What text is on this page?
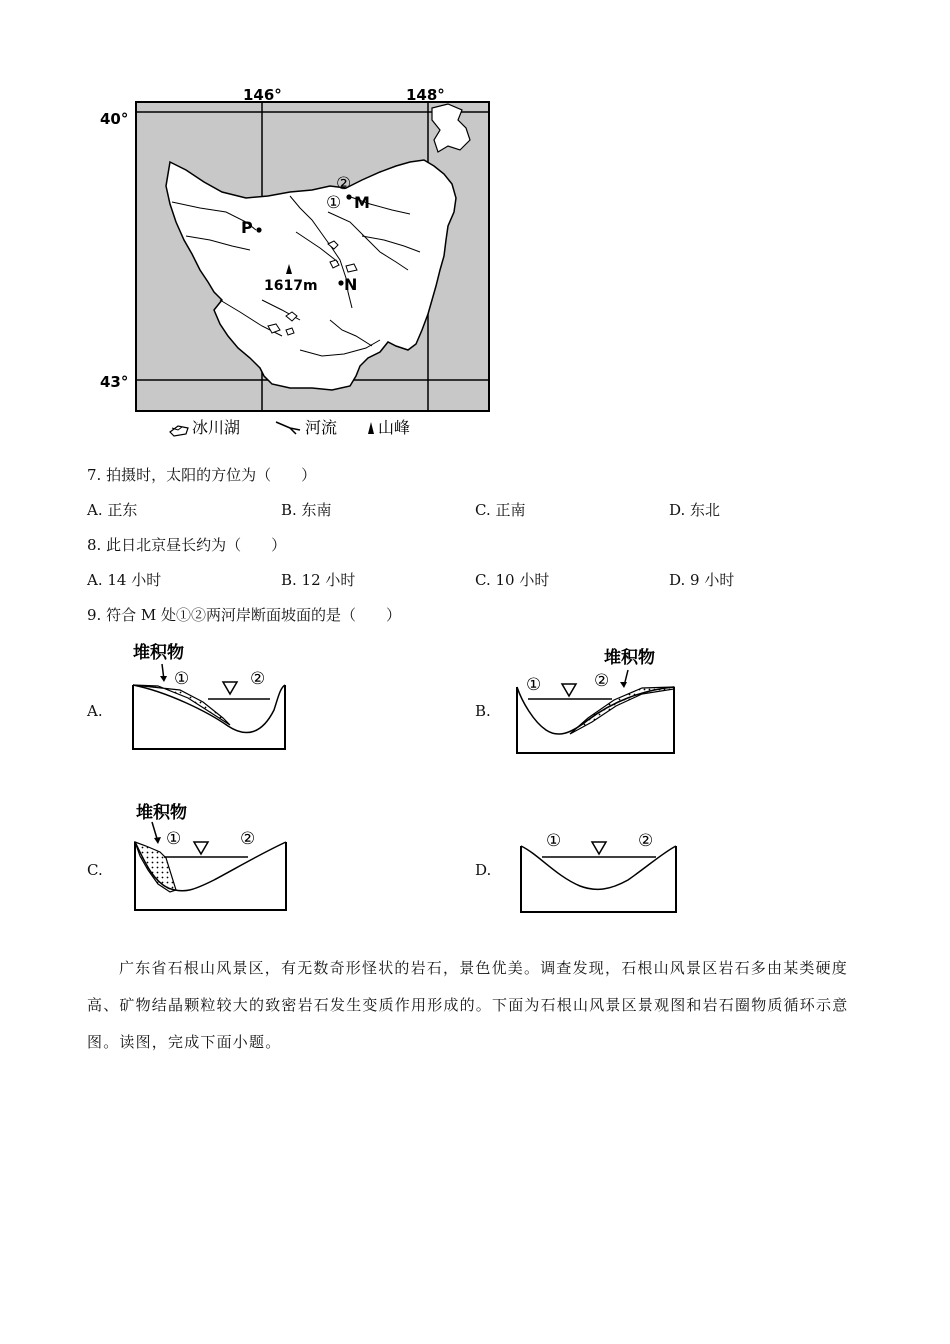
146°	148°
40°
43°
P
M
N
①
②
1617m
冰川湖	河流	山峰
7. 拍摄时，太阳的方位为（　　）
A. 正东	B. 东南	C. 正南	D. 东北
8. 此日北京昼长约为（　　）
A. 14 小时	B. 12 小时	C. 10 小时	D. 9 小时
9. 符合 M 处①②两河岸断面坡面的是（　　）
A.	B.
C.	D.
堆积物
①	②
堆积物
①	②
堆积物
①	②	①	②
广东省石根山风景区，有无数奇形怪状的岩石，景色优美。调查发现，石根山风景区岩石多由某类硬度高、矿物结晶颗粒较大的致密岩石发生变质作用形成的。下面为石根山风景区景观图和岩石圈物质循环示意图。读图，完成下面小题。
